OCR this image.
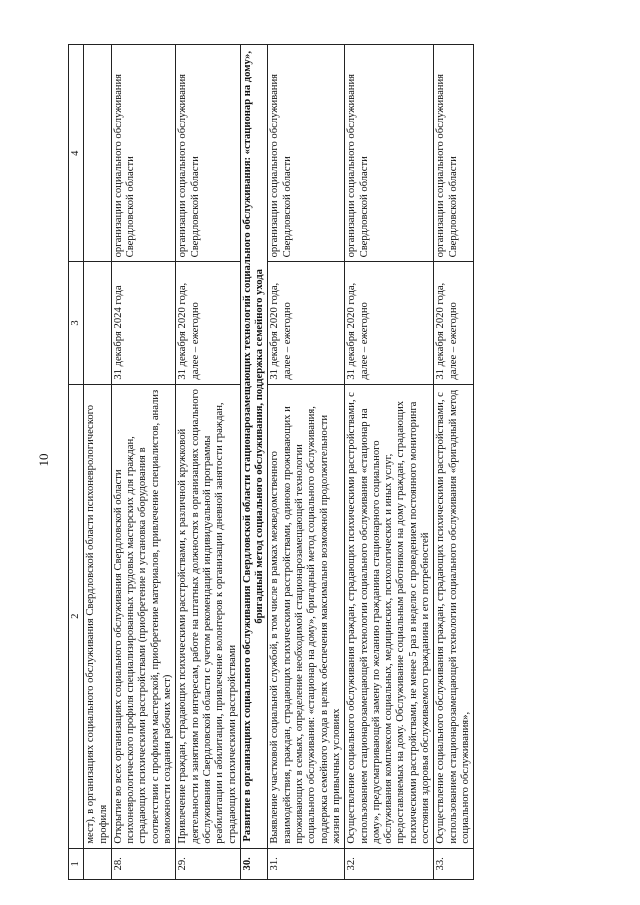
10
1	2	3	4
	мест), в организациях социального обслуживания Свердловской области психоневрологического профиля		
28.	Открытие во всех организациях социального обслуживания Свердловской области психоневрологического профиля специализированных трудовых мастерских для граждан, страдающих психическими расстройствами (приобретение и установка оборудования в соответствии с профилем мастерской, приобретение материалов, привлечение специалистов, анализ возможности создания рабочих мест)	31 декабря 2024 года	организации социального обслуживания Свердловской области
29.	Привлечение граждан, страдающих психическими расстройствами, к различной кружковой деятельности и занятиям по интересам, работе на штатных должностях в организациях социального обслуживания Свердловской области с учетом рекомендаций индивидуальной программы реабилитации и абилитации, привлечение волонтеров к организации дневной занятости граждан, страдающих психическими расстройствами	31 декабря 2020 года, далее – ежегодно	организации социального обслуживания Свердловской области
30.	Развитие в организациях социального обслуживания Свердловской области стационарозамещающих технологий социального обслуживания: «стационар на дому», бригадный метод социального обслуживания, поддержка семейного ухода		
31.	Выявление участковой социальной службой, в том числе в рамках межведомственного взаимодействия, граждан, страдающих психическими расстройствами, одиноко проживающих и проживающих в семьях, определение необходимой стационарозамещающей технологии социального обслуживания: «стационар на дому», бригадный метод социального обслуживания, поддержка семейного ухода в целях обеспечения максимально возможной продолжительности жизни в привычных условиях	31 декабря 2020 года, далее – ежегодно	организации социального обслуживания Свердловской области
32.	Осуществление социального обслуживания граждан, страдающих психическими расстройствами, с использованием стационарозамещающей технологии социального обслуживания «стационар на дому», предусматривающей замену по желанию гражданина стационарного социального обслуживания комплексом социальных, медицинских, психологических и иных услуг, предоставляемых на дому. Обслуживание социальным работником на дому граждан, страдающих психическими расстройствами, не менее 5 раз в неделю с проведением постоянного мониторинга состояния здоровья обслуживаемого гражданина и его потребностей	31 декабря 2020 года, далее – ежегодно	организации социального обслуживания Свердловской области
33.	Осуществление социального обслуживания граждан, страдающих психическими расстройствами, с использованием стационарозамещающей технологии социального обслуживания «бригадный метод социального обслуживания»,	31 декабря 2020 года, далее – ежегодно	организации социального обслуживания Свердловской области
